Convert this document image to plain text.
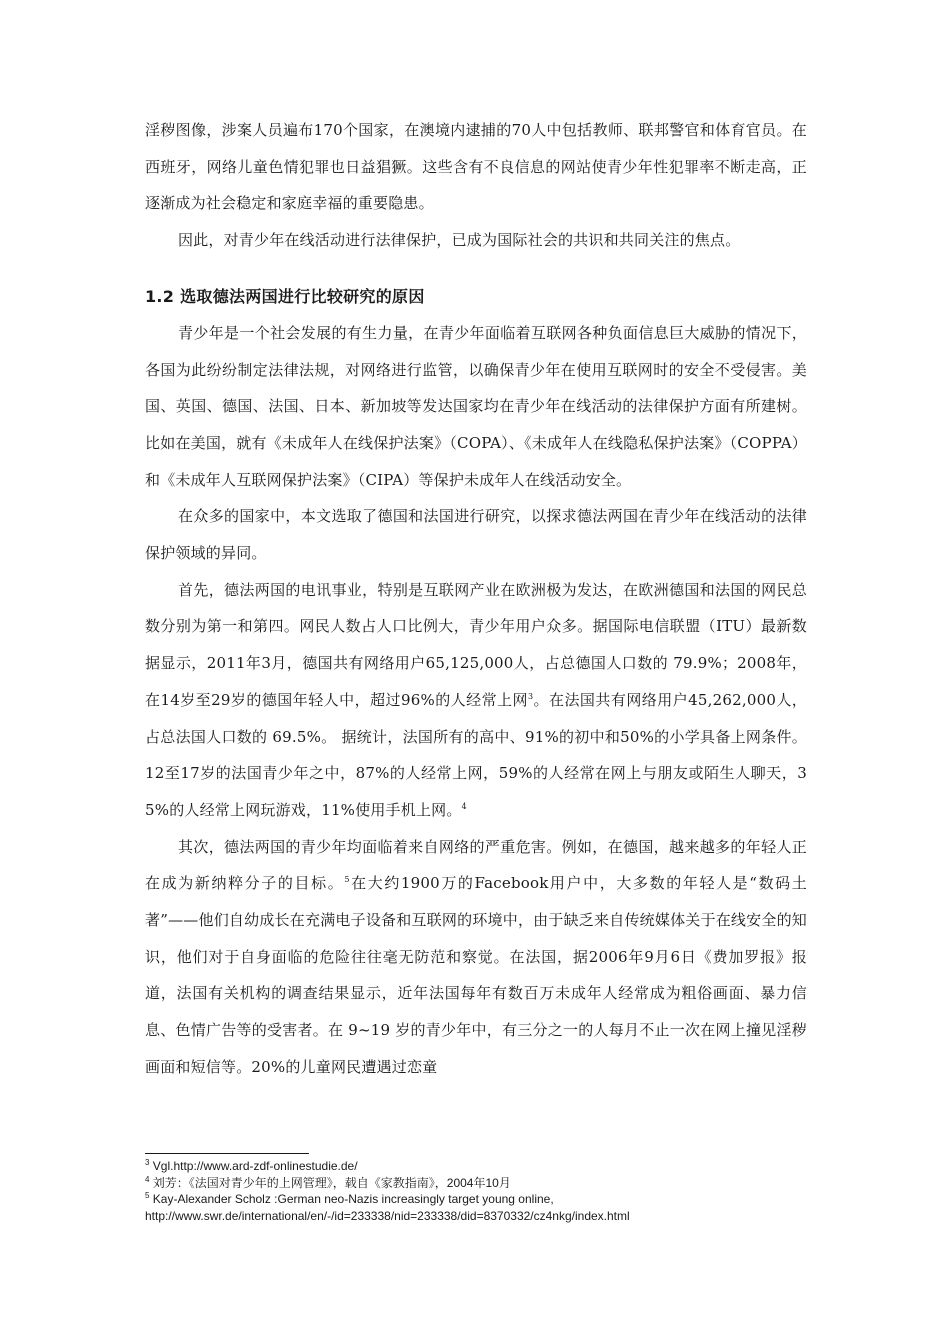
淫秽图像，涉案人员遍布170个国家，在澳境内逮捕的70人中包括教师、联邦警官和体育官员。在西班牙，网络儿童色情犯罪也日益猖獗。这些含有不良信息的网站使青少年性犯罪率不断走高，正逐渐成为社会稳定和家庭幸福的重要隐患。

因此，对青少年在线活动进行法律保护，已成为国际社会的共识和共同关注的焦点。

1.2 选取德法两国进行比较研究的原因

青少年是一个社会发展的有生力量，在青少年面临着互联网各种负面信息巨大威胁的情况下，各国为此纷纷制定法律法规，对网络进行监管，以确保青少年在使用互联网时的安全不受侵害。美国、英国、德国、法国、日本、新加坡等发达国家均在青少年在线活动的法律保护方面有所建树。比如在美国，就有《未成年人在线保护法案》（COPA）、《未成年人在线隐私保护法案》（COPPA）和《未成年人互联网保护法案》（CIPA）等保护未成年人在线活动安全。

在众多的国家中，本文选取了德国和法国进行研究，以探求德法两国在青少年在线活动的法律保护领域的异同。

首先，德法两国的电讯事业，特别是互联网产业在欧洲极为发达，在欧洲德国和法国的网民总数分别为第一和第四。网民人数占人口比例大，青少年用户众多。据国际电信联盟（ITU）最新数据显示，2011年3月，德国共有网络用户65,125,000人，占总德国人口数的 79.9%；2008年，在14岁至29岁的德国年轻人中，超过96%的人经常上网$^3$。在法国共有网络用户45,262,000人，占总法国人口数的 69.5%。 据统计，法国所有的高中、91%的初中和50%的小学具备上网条件。12至17岁的法国青少年之中，87%的人经常上网，59%的人经常在网上与朋友或陌生人聊天，35%的人经常上网玩游戏，11%使用手机上网。$^4$

其次，德法两国的青少年均面临着来自网络的严重危害。例如，在德国，越来越多的年轻人正在成为新纳粹分子的目标。$^5$在大约1900万的Facebook用户中，大多数的年轻人是“数码土著”——他们自幼成长在充满电子设备和互联网的环境中，由于缺乏来自传统媒体关于在线安全的知识，他们对于自身面临的危险往往毫无防范和察觉。在法国，据2006年9月6日《费加罗报》报道，法国有关机构的调查结果显示，近年法国每年有数百万未成年人经常成为粗俗画面、暴力信息、色情广告等的受害者。在 9~19 岁的青少年中，有三分之一的人每月不止一次在网上撞见淫秽画面和短信等。20%的儿童网民遭遇过恋童

$^3$ Vgl.http://www.ard-zdf-onlinestudie.de/

$^4$ 刘芳：《法国对青少年的上网管理》，载自《家教指南》，2004年10月

$^5$ Kay-Alexander Scholz :German neo-Nazis increasingly target young online,

http://www.swr.de/international/en/-/id=233338/nid=233338/did=8370332/cz4nkg/index.html
